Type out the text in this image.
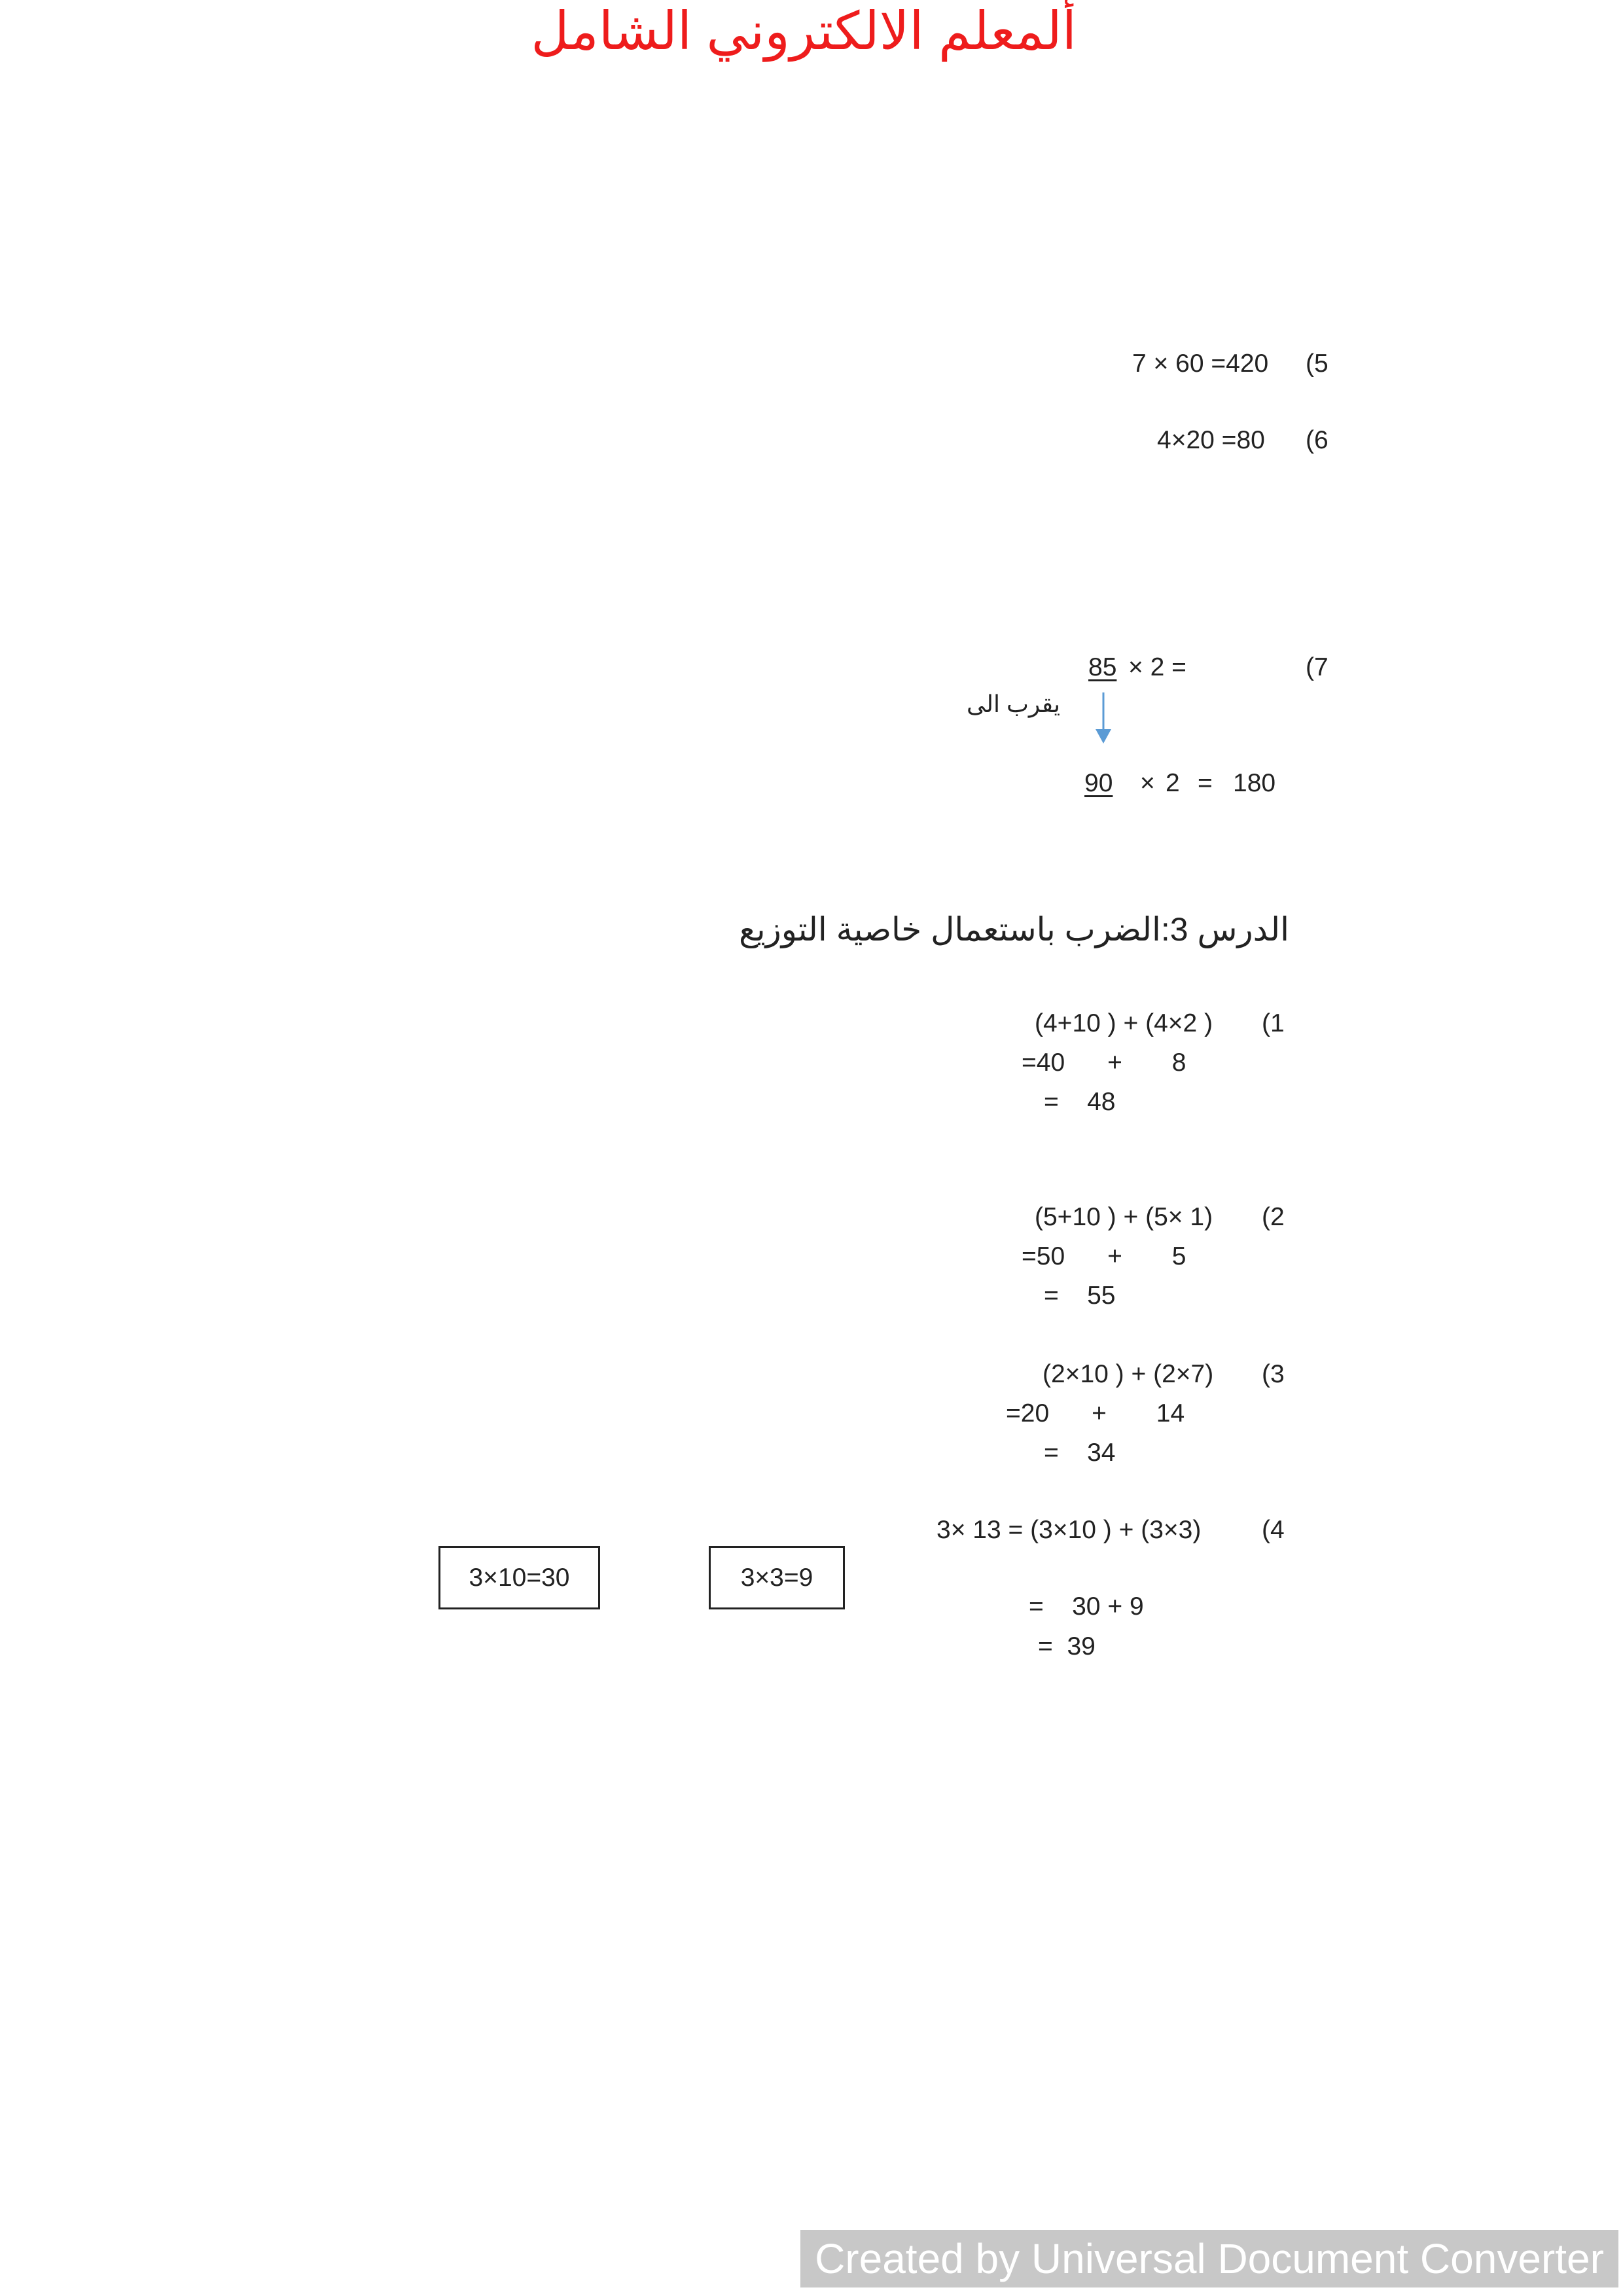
ألمعلم الالكتروني الشامل
7 × 60 =420 (5
4×20 =80 (6
85 × 2 =	(7
يقرب الى
90 × 2 = 180
الدرس 3:الضرب باستعمال خاصية التوزيع
(4+10 ) + (4×2 ) (1
=40      +       8
=    48
(5+10 ) + (5× 1) (2
=50      +       5
=    55
(2×10 ) + (2×7) (3
=20      +       14
=    34
3× 13 = (3×10 ) + (3×3) (4
=    30 + 9
=  39
3×10=30	3×3=9
Created by Universal Document Converter
